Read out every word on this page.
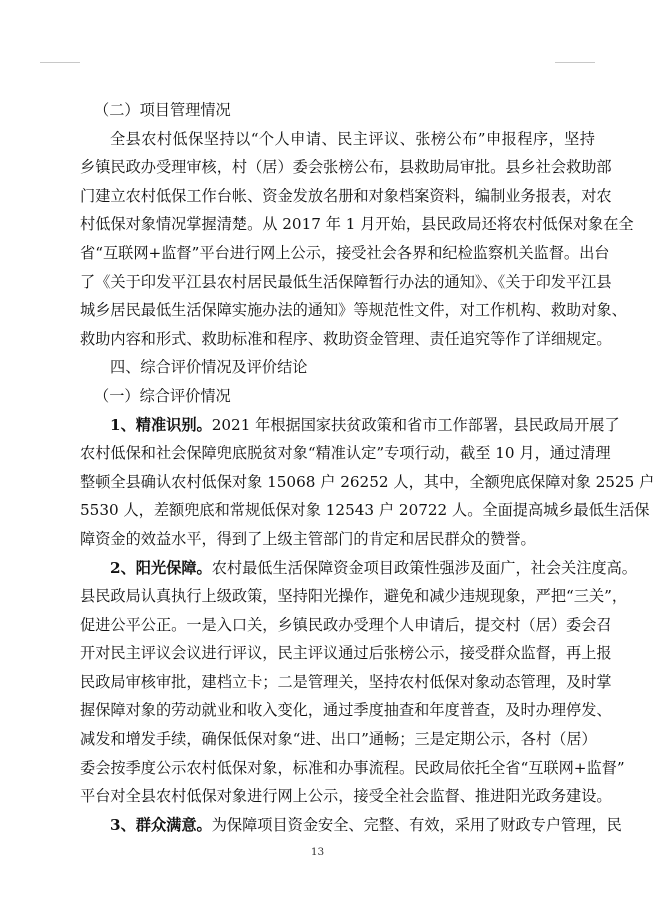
（二）项目管理情况
全县农村低保坚持以“个人申请、民主评议、张榜公布”申报程序，坚持
乡镇民政办受理审核，村（居）委会张榜公布，县救助局审批。县乡社会救助部
门建立农村低保工作台帐、资金发放名册和对象档案资料，编制业务报表，对农
村低保对象情况掌握清楚。从 2017 年 1 月开始，县民政局还将农村低保对象在全
省“互联网+监督”平台进行网上公示，接受社会各界和纪检监察机关监督。出台
了《关于印发平江县农村居民最低生活保障暂行办法的通知》、《关于印发平江县
城乡居民最低生活保障实施办法的通知》等规范性文件，对工作机构、救助对象、
救助内容和形式、救助标准和程序、救助资金管理、责任追究等作了详细规定。
四、综合评价情况及评价结论
（一）综合评价情况
1、精准识别。2021 年根据国家扶贫政策和省市工作部署，县民政局开展了
农村低保和社会保障兜底脱贫对象“精准认定”专项行动，截至 10 月，通过清理
整顿全县确认农村低保对象 15068 户 26252 人，其中，全额兜底保障对象 2525 户
5530 人，差额兜底和常规低保对象 12543 户 20722 人。全面提高城乡最低生活保
障资金的效益水平，得到了上级主管部门的肯定和居民群众的赞誉。
2、阳光保障。农村最低生活保障资金项目政策性强涉及面广，社会关注度高。
县民政局认真执行上级政策，坚持阳光操作，避免和减少违规现象，严把“三关”，
促进公平公正。一是入口关，乡镇民政办受理个人申请后，提交村（居）委会召
开对民主评议会议进行评议，民主评议通过后张榜公示，接受群众监督，再上报
民政局审核审批，建档立卡；二是管理关，坚持农村低保对象动态管理，及时掌
握保障对象的劳动就业和收入变化，通过季度抽查和年度普查，及时办理停发、
减发和增发手续，确保低保对象“进、出口”通畅；三是定期公示，各村（居）
委会按季度公示农村低保对象，标准和办事流程。民政局依托全省“互联网+监督”
平台对全县农村低保对象进行网上公示，接受全社会监督、推进阳光政务建设。
3、群众满意。为保障项目资金安全、完整、有效，采用了财政专户管理，民
13
